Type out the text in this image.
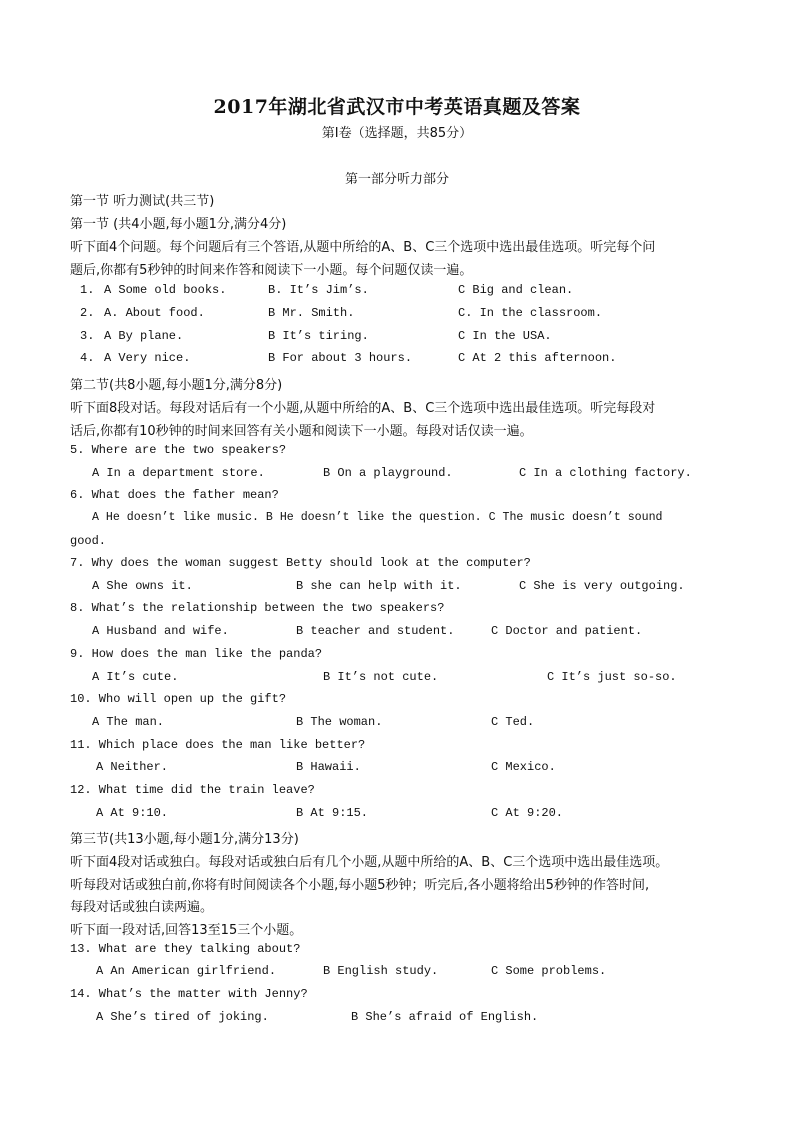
2017年湖北省武汉市中考英语真题及答案
第I卷（选择题，共85分）
第一部分听力部分
第一节 听力测试(共三节)
第一节 (共4小题,每小题1分,满分4分)
听下面4个问题。每个问题后有三个答语,从题中所给的A、B、C三个选项中选出最佳选项。听完每个问
题后,你都有5秒钟的时间来作答和阅读下一小题。每个问题仅读一遍。
1. A Some old books.	B. It’s Jim’s.	C Big and clean.
2. A. About food.	B Mr. Smith.	C. In the classroom.
3. A By plane.	B It’s tiring.	C In the USA.
4. A Very nice.	B For about 3 hours.	C At 2 this afternoon.
第二节(共8小题,每小题1分,满分8分)
听下面8段对话。每段对话后有一个小题,从题中所给的A、B、C三个选项中选出最佳选项。听完每段对
话后,你都有10秒钟的时间来回答有关小题和阅读下一小题。每段对话仅读一遍。
5. Where are the two speakers?
A In a department store.	B On a playground.	C In a clothing factory.
6. What does the father mean?
A He doesn’t like music. B He doesn’t like the question. C The music doesn’t sound
good.
7. Why does the woman suggest Betty should look at the computer?
A She owns it.	B she can help with it.	C She is very outgoing.
8. What’s the relationship between the two speakers?
A Husband and wife.	B teacher and student.	C Doctor and patient.
9. How does the man like the panda?
A It’s cute.	B It’s not cute.	C It’s just so-so.
10. Who will open up the gift?
A The man.	B The woman.	C Ted.
11. Which place does the man like better?
A Neither.	B Hawaii.	C Mexico.
12. What time did the train leave?
A At 9:10.	B At 9:15.	C At 9:20.
第三节(共13小题,每小题1分,满分13分)
听下面4段对话或独白。每段对话或独白后有几个小题,从题中所给的A、B、C三个选项中选出最佳选项。
听每段对话或独白前,你将有时间阅读各个小题,每小题5秒钟；听完后,各小题将给出5秒钟的作答时间,
每段对话或独白读两遍。
听下面一段对话,回答13至15三个小题。
13. What are they talking about?
A An American girlfriend.	B English study.	C Some problems.
14. What’s the matter with Jenny?
A She’s tired of joking.	B She’s afraid of English.
